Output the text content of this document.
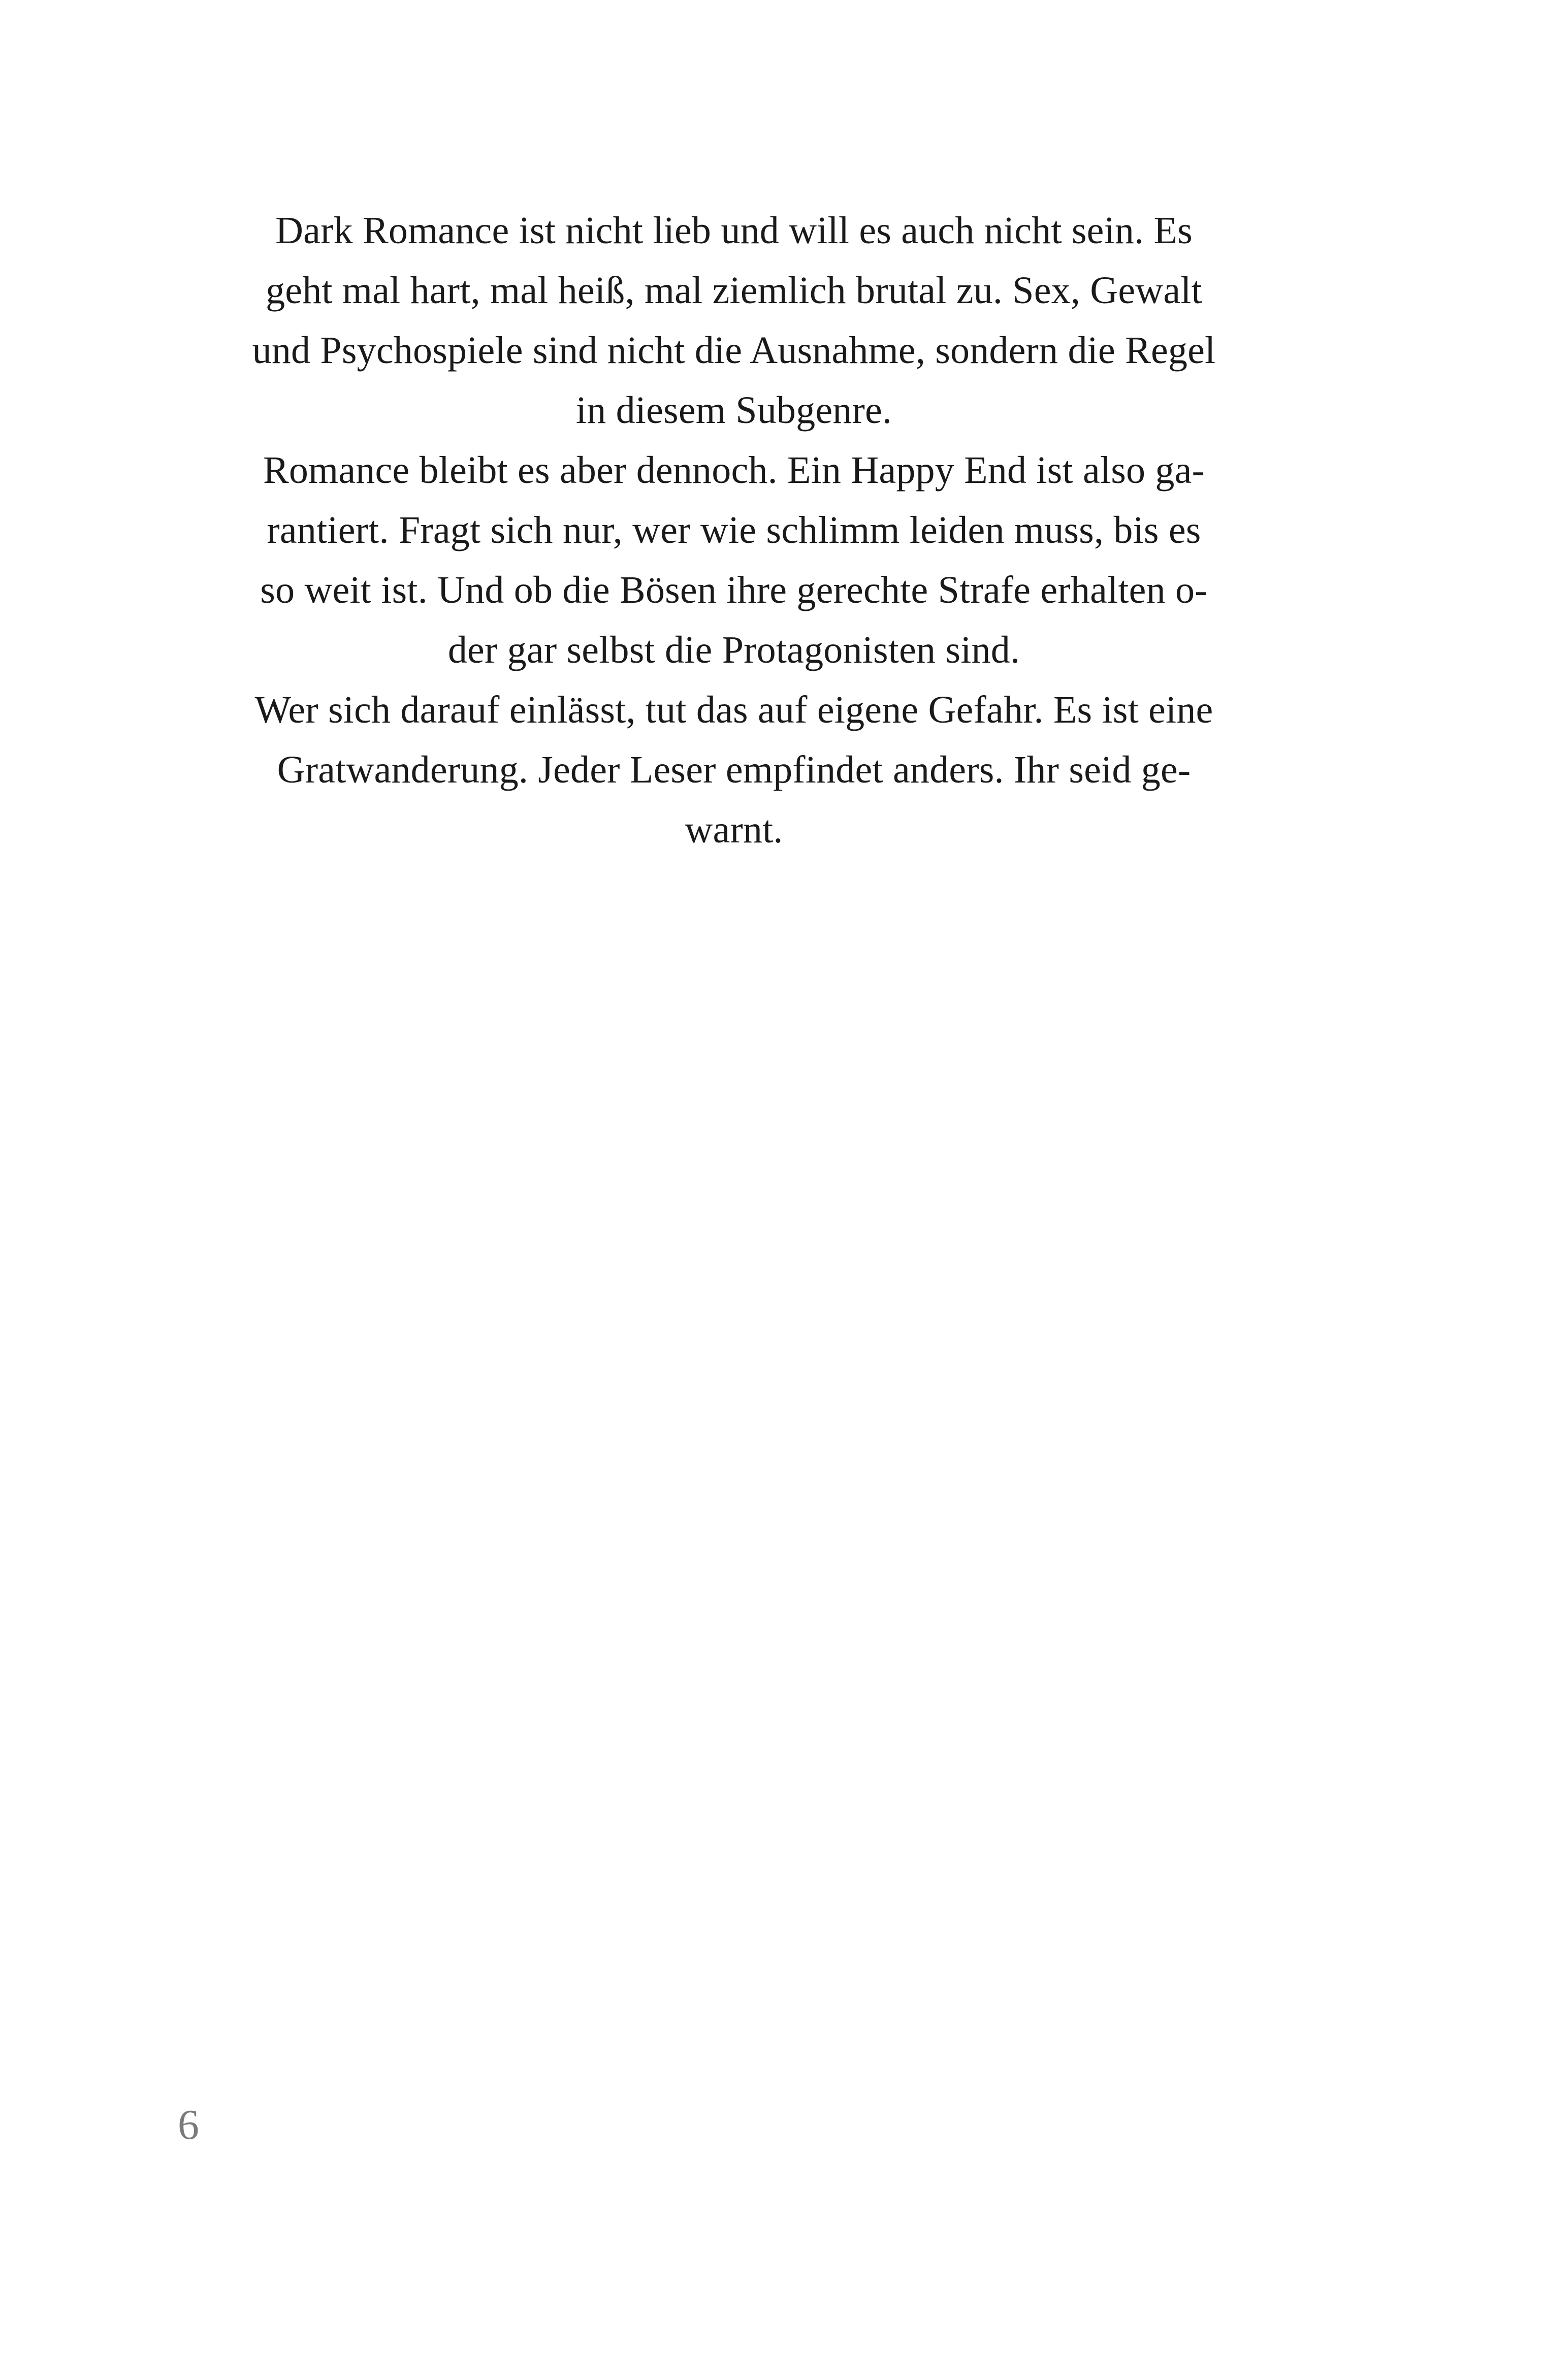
Dark Romance ist nicht lieb und will es auch nicht sein. Es
geht mal hart, mal heiß, mal ziemlich brutal zu. Sex, Gewalt
und Psychospiele sind nicht die Ausnahme, sondern die Regel
in diesem Subgenre.
Romance bleibt es aber dennoch. Ein Happy End ist also ga-
rantiert. Fragt sich nur, wer wie schlimm leiden muss, bis es
so weit ist. Und ob die Bösen ihre gerechte Strafe erhalten o-
der gar selbst die Protagonisten sind.
Wer sich darauf einlässt, tut das auf eigene Gefahr. Es ist eine
Gratwanderung. Jeder Leser empfindet anders. Ihr seid ge-
warnt.
6
